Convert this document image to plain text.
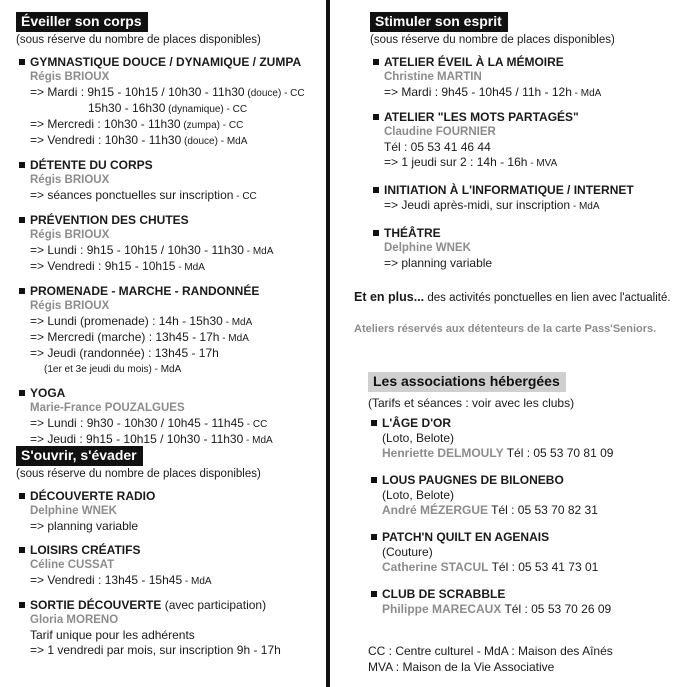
Éveiller son corps
(sous réserve du nombre de places disponibles)
GYMNASTIQUE DOUCE / DYNAMIQUE / ZUMPA
Régis BRIOUX
=> Mardi : 9h15 - 10h15 / 10h30 - 11h30 (douce) - CC
15h30 - 16h30 (dynamique) - CC
=> Mercredi : 10h30 - 11h30 (zumpa) - CC
=> Vendredi : 10h30 - 11h30 (douce) - MdA
DÉTENTE DU CORPS
Régis BRIOUX
=> séances ponctuelles sur inscription - CC
PRÉVENTION DES CHUTES
Régis BRIOUX
=> Lundi : 9h15 - 10h15 / 10h30 - 11h30 - MdA
=> Vendredi : 9h15 - 10h15 - MdA
PROMENADE - MARCHE - RANDONNÉE
Régis BRIOUX
=> Lundi (promenade) : 14h - 15h30 - MdA
=> Mercredi (marche) : 13h45 - 17h - MdA
=> Jeudi (randonnée) : 13h45 - 17h
(1er et 3e jeudi du mois) - MdA
YOGA
Marie-France POUZALGUES
=> Lundi : 9h30 - 10h30 / 10h45 - 11h45 - CC
=> Jeudi : 9h15 - 10h15 / 10h30 - 11h30 - MdA
S'ouvrir, s'évader
(sous réserve du nombre de places disponibles)
DÉCOUVERTE RADIO
Delphine WNEK
=> planning variable
LOISIRS CRÉATIFS
Céline CUSSAT
=> Vendredi : 13h45 - 15h45 - MdA
SORTIE DÉCOUVERTE (avec participation)
Gloria MORENO
Tarif unique pour les adhérents
=> 1 vendredi par mois, sur inscription 9h - 17h
Stimuler son esprit
(sous réserve du nombre de places disponibles)
ATELIER ÉVEIL À LA MÉMOIRE
Christine MARTIN
=> Mardi : 9h45 - 10h45 / 11h - 12h - MdA
ATELIER "LES MOTS PARTAGÉS"
Claudine FOURNIER
Tél : 05 53 41 46 44
=> 1 jeudi sur 2 : 14h - 16h - MVA
INITIATION À L'INFORMATIQUE / INTERNET
=> Jeudi après-midi, sur inscription - MdA
THÉÂTRE
Delphine WNEK
=> planning variable
Et en plus... des activités ponctuelles en lien avec l'actualité.
Ateliers réservés aux détenteurs de la carte Pass'Seniors.
Les associations hébergées
(Tarifs et séances : voir avec les clubs)
L'ÂGE D'OR
(Loto, Belote)
Henriette DELMOULY Tél : 05 53 70 81 09
LOUS PAUGNES DE BILONEBO
(Loto, Belote)
André MÉZERGUE Tél : 05 53 70 82 31
PATCH'N QUILT EN AGENAIS
(Couture)
Catherine STACUL Tél : 05 53 41 73 01
CLUB DE SCRABBLE
Philippe MARECAUX Tél : 05 53 70 26 09
CC : Centre culturel - MdA : Maison des Aînés
MVA : Maison de la Vie Associative
